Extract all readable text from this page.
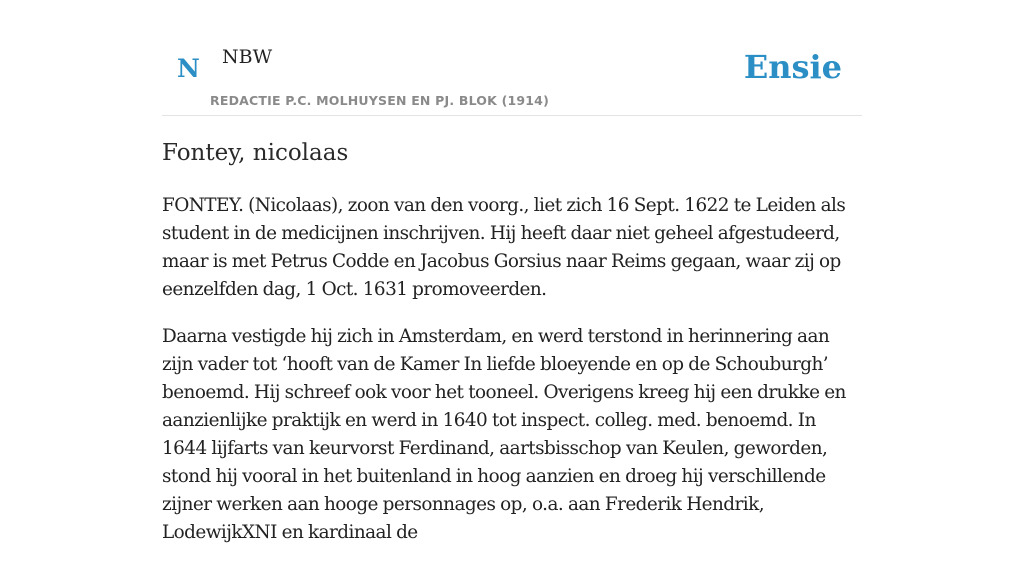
N NBW
REDACTIE P.C. MOLHUYSEN EN PJ. BLOK (1914)
Ensie
Fontey, nicolaas

FONTEY. (Nicolaas), zoon van den voorg., liet zich 16 Sept. 1622 te Leiden als student in de medicijnen inschrijven. Hij heeft daar niet geheel afgestudeerd, maar is met Petrus Codde en Jacobus Gorsius naar Reims gegaan, waar zij op eenzelfden dag, 1 Oct. 1631 promoveerden.

Daarna vestigde hij zich in Amsterdam, en werd terstond in herinnering aan zijn vader tot ‘hooft van de Kamer In liefde bloeyende en op de Schouburgh’ benoemd. Hij schreef ook voor het tooneel. Overigens kreeg hij een drukke en aanzienlijke praktijk en werd in 1640 tot inspect. colleg. med. benoemd. In 1644 lijfarts van keurvorst Ferdinand, aartsbisschop van Keulen, geworden, stond hij vooral in het buitenland in hoog aanzien en droeg hij verschillende zijner werken aan hooge personnages op, o.a. aan Frederik Hendrik, LodewijkXNI en kardinaal de
